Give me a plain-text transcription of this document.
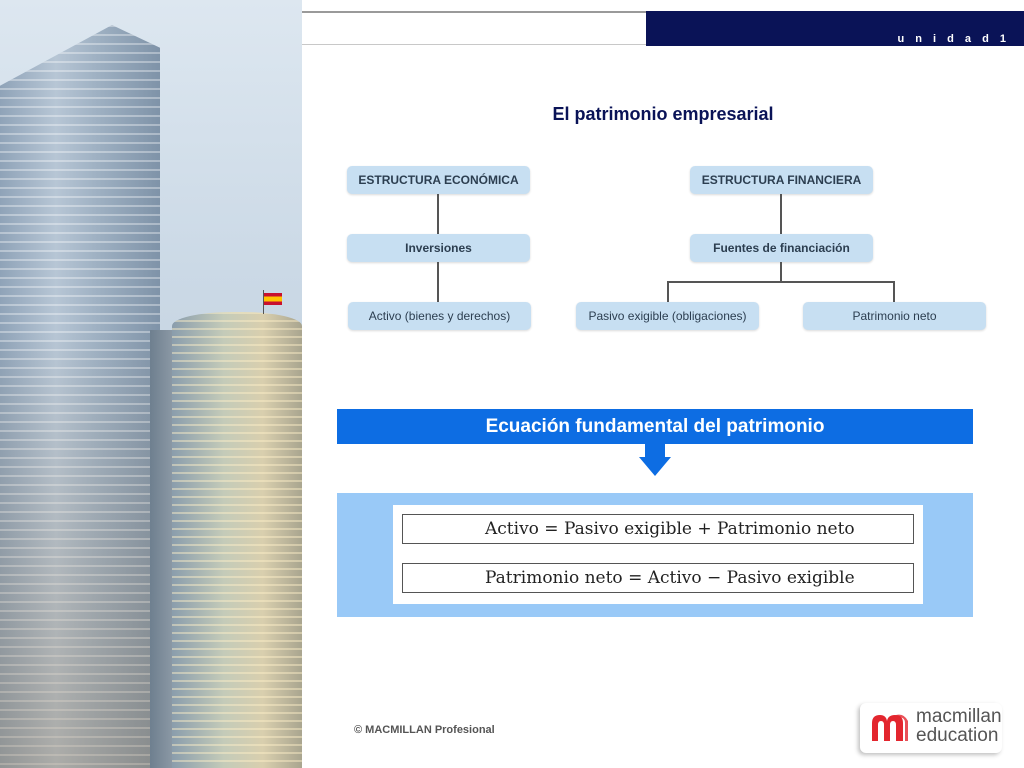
u n i d a d 1
El patrimonio empresarial
ESTRUCTURA ECONÓMICA
Inversiones
Activo (bienes y derechos)
ESTRUCTURA FINANCIERA
Fuentes de financiación
Pasivo exigible (obligaciones)	Patrimonio neto
Ecuación fundamental del patrimonio
Activo = Pasivo exigible + Patrimonio neto
Patrimonio neto = Activo − Pasivo exigible
© MACMILLAN Profesional
macmillan
education
